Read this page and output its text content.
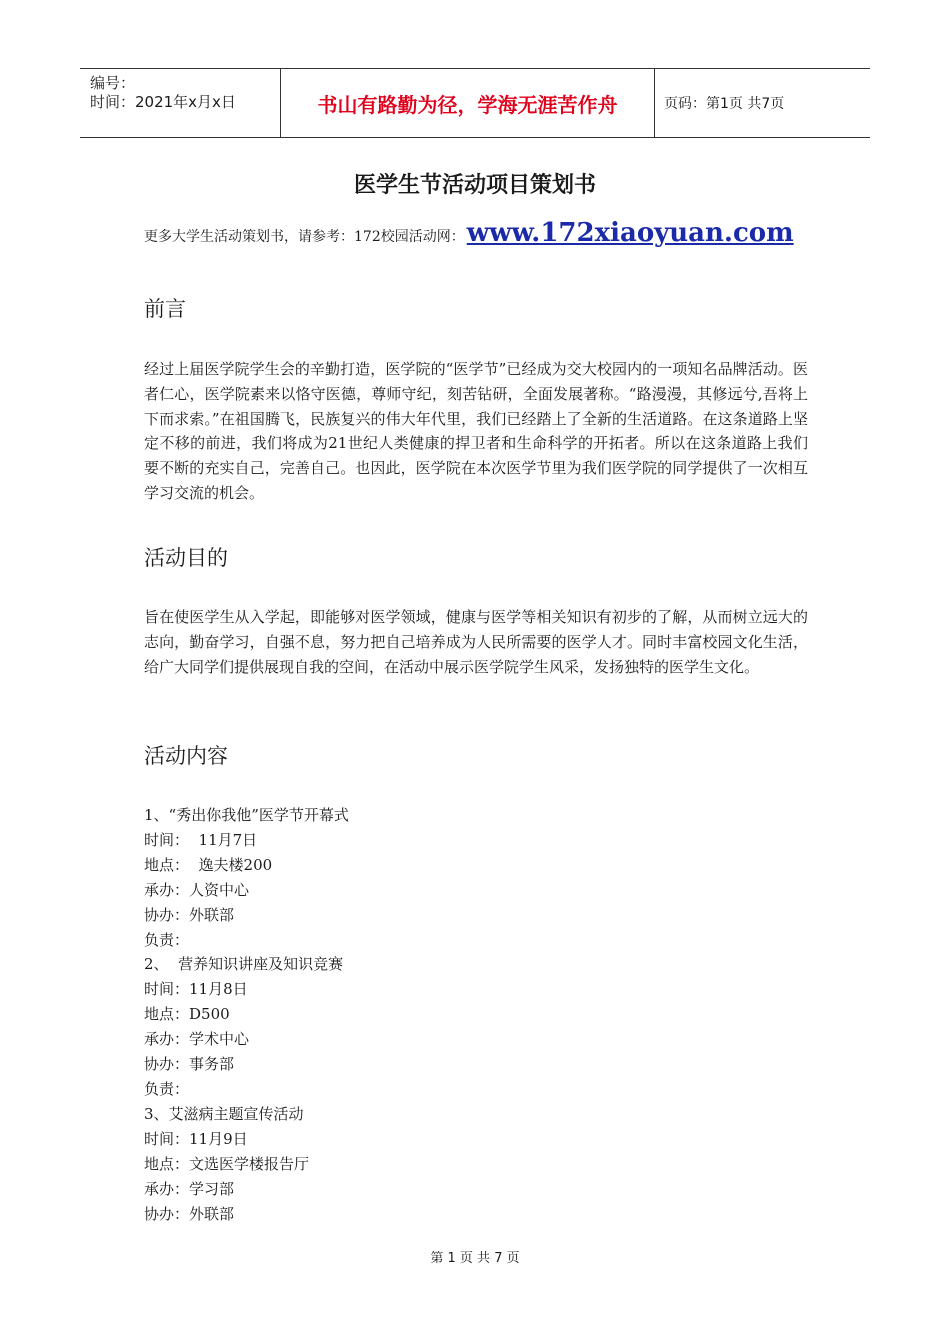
编号：
时间：2021年x月x日	书山有路勤为径，学海无涯苦作舟	页码：第1页 共7页
医学生节活动项目策划书
更多大学生活动策划书，请参考：172校园活动网： www.172xiaoyuan.com
前言
经过上届医学院学生会的辛勤打造，医学院的“医学节”已经成为交大校园内的一项知名品牌活动。医者仁心，医学院素来以恪守医德，尊师守纪，刻苦钻研，全面发展著称。“路漫漫，其修远兮,吾将上下而求索。”在祖国腾飞，民族复兴的伟大年代里，我们已经踏上了全新的生活道路。在这条道路上坚定不移的前进，我们将成为21世纪人类健康的捍卫者和生命科学的开拓者。所以在这条道路上我们要不断的充实自己，完善自己。也因此，医学院在本次医学节里为我们医学院的同学提供了一次相互学习交流的机会。
活动目的
旨在使医学生从入学起，即能够对医学领域，健康与医学等相关知识有初步的了解，从而树立远大的志向，勤奋学习，自强不息，努力把自己培养成为人民所需要的医学人才。同时丰富校园文化生活，给广大同学们提供展现自我的空间，在活动中展示医学院学生风采，发扬独特的医学生文化。
活动内容
1、“秀出你我他”医学节开幕式
时间：  11月7日
地点：  逸夫楼200
承办：人资中心
协办：外联部
负责：
2、  营养知识讲座及知识竞赛
时间：11月8日
地点：D500
承办：学术中心
协办：事务部
负责：
3、艾滋病主题宣传活动
时间：11月9日
地点：文选医学楼报告厅
承办：学习部
协办：外联部
第 1 页 共 7 页
